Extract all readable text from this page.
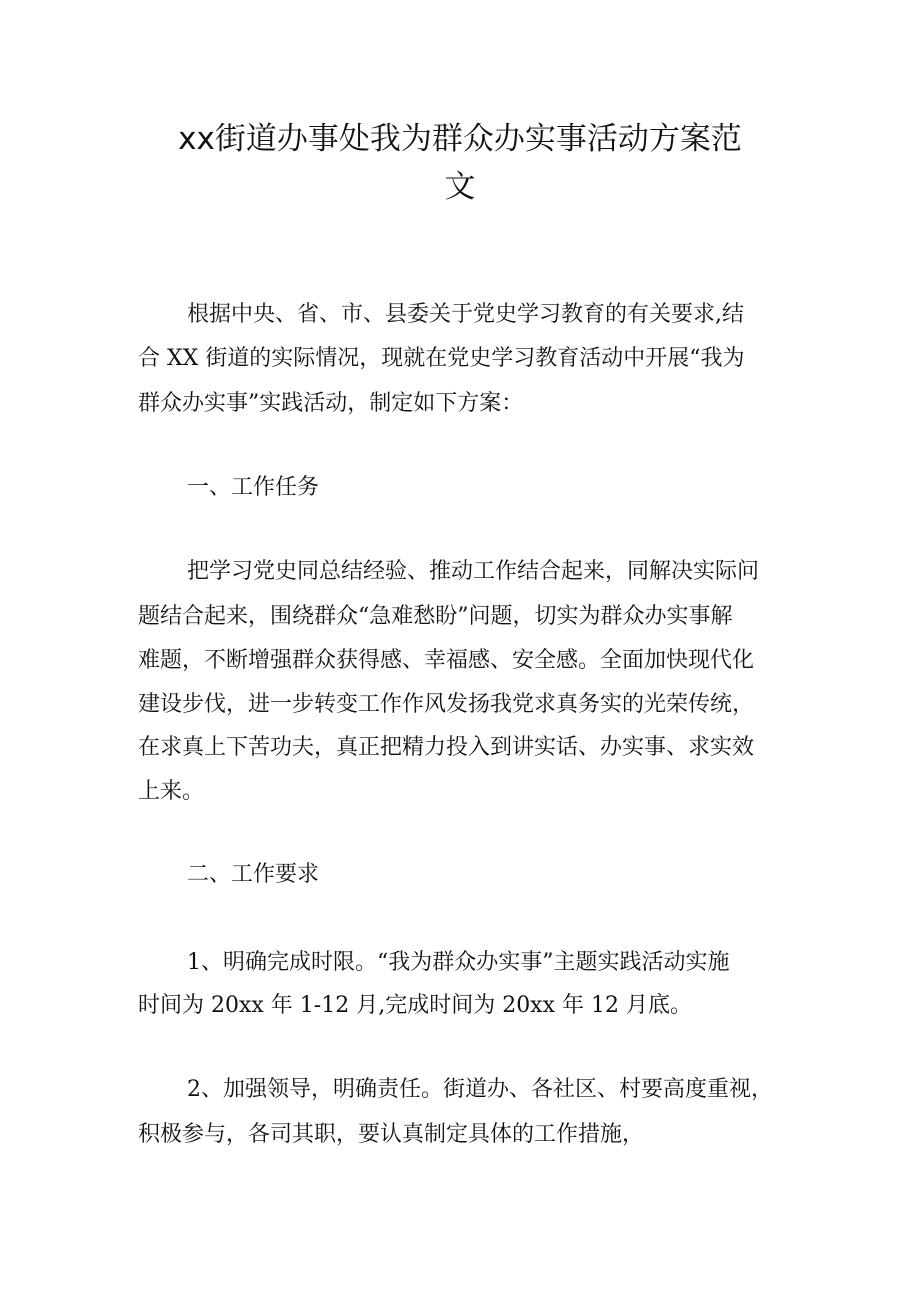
xx街道办事处我为群众办实事活动方案范
文

根据中央、省、市、县委关于党史学习教育的有关要求,结

合 XX 街道的实际情况，现就在党史学习教育活动中开展“我为

群众办实事”实践活动，制定如下方案：

一、工作任务

把学习党史同总结经验、推动工作结合起来，同解决实际问

题结合起来，围绕群众“急难愁盼”问题，切实为群众办实事解

难题，不断增强群众获得感、幸福感、安全感。全面加快现代化

建设步伐，进一步转变工作作风发扬我党求真务实的光荣传统，

在求真上下苦功夫，真正把精力投入到讲实话、办实事、求实效

上来。

二、工作要求

1、明确完成时限。“我为群众办实事”主题实践活动实施

时间为 20xx 年 1-12 月,完成时间为 20xx 年 12 月底。

2、加强领导，明确责任。街道办、各社区、村要高度重视，

积极参与，各司其职，要认真制定具体的工作措施，
